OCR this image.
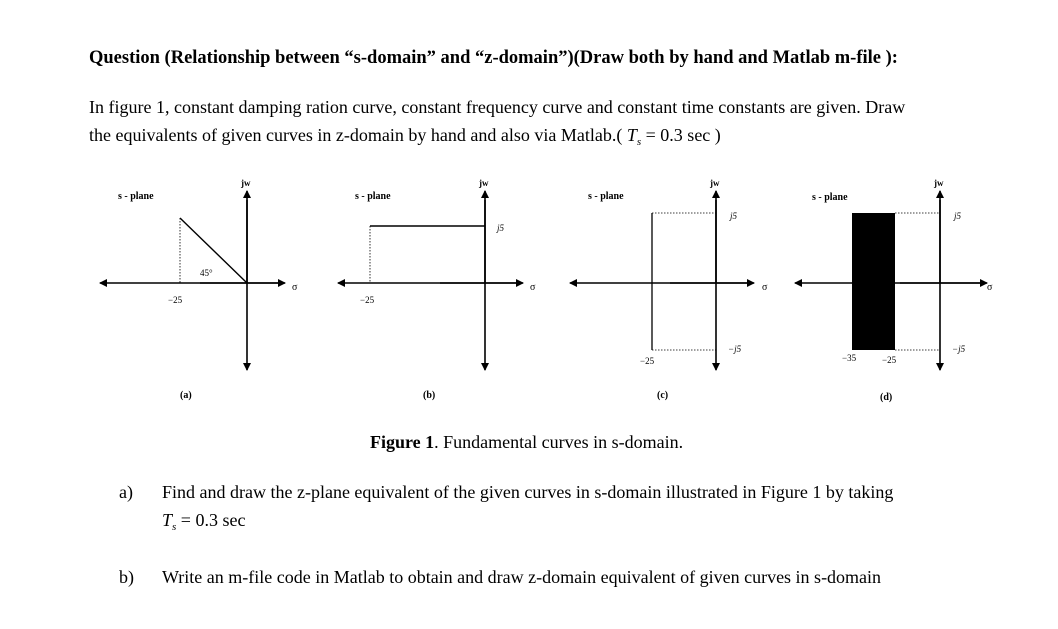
Question (Relationship between “s-domain” and “z-domain”)(Draw both by hand and Matlab m-file ):
In figure 1, constant damping ration curve, constant frequency curve and constant time constants are given. Draw
the equivalents of given curves in z-domain by hand and also via Matlab.( $T_s = 0.3$ sec )
s - plane
jw
σ
45°
−25
(a)
s - plane
jw
σ
j5
−25
(b)
s - plane
jw
σ
j5
−j5
−25
(c)
s - plane
jw
σ
j5
−j5
−35	−25
(d)
Figure 1. Fundamental curves in s-domain.
a) Find and draw the z-plane equivalent of the given curves in s-domain illustrated in Figure 1 by taking
$T_s = 0.3$ sec
b) Write an m-file code in Matlab to obtain and draw z-domain equivalent of given curves in s-domain
